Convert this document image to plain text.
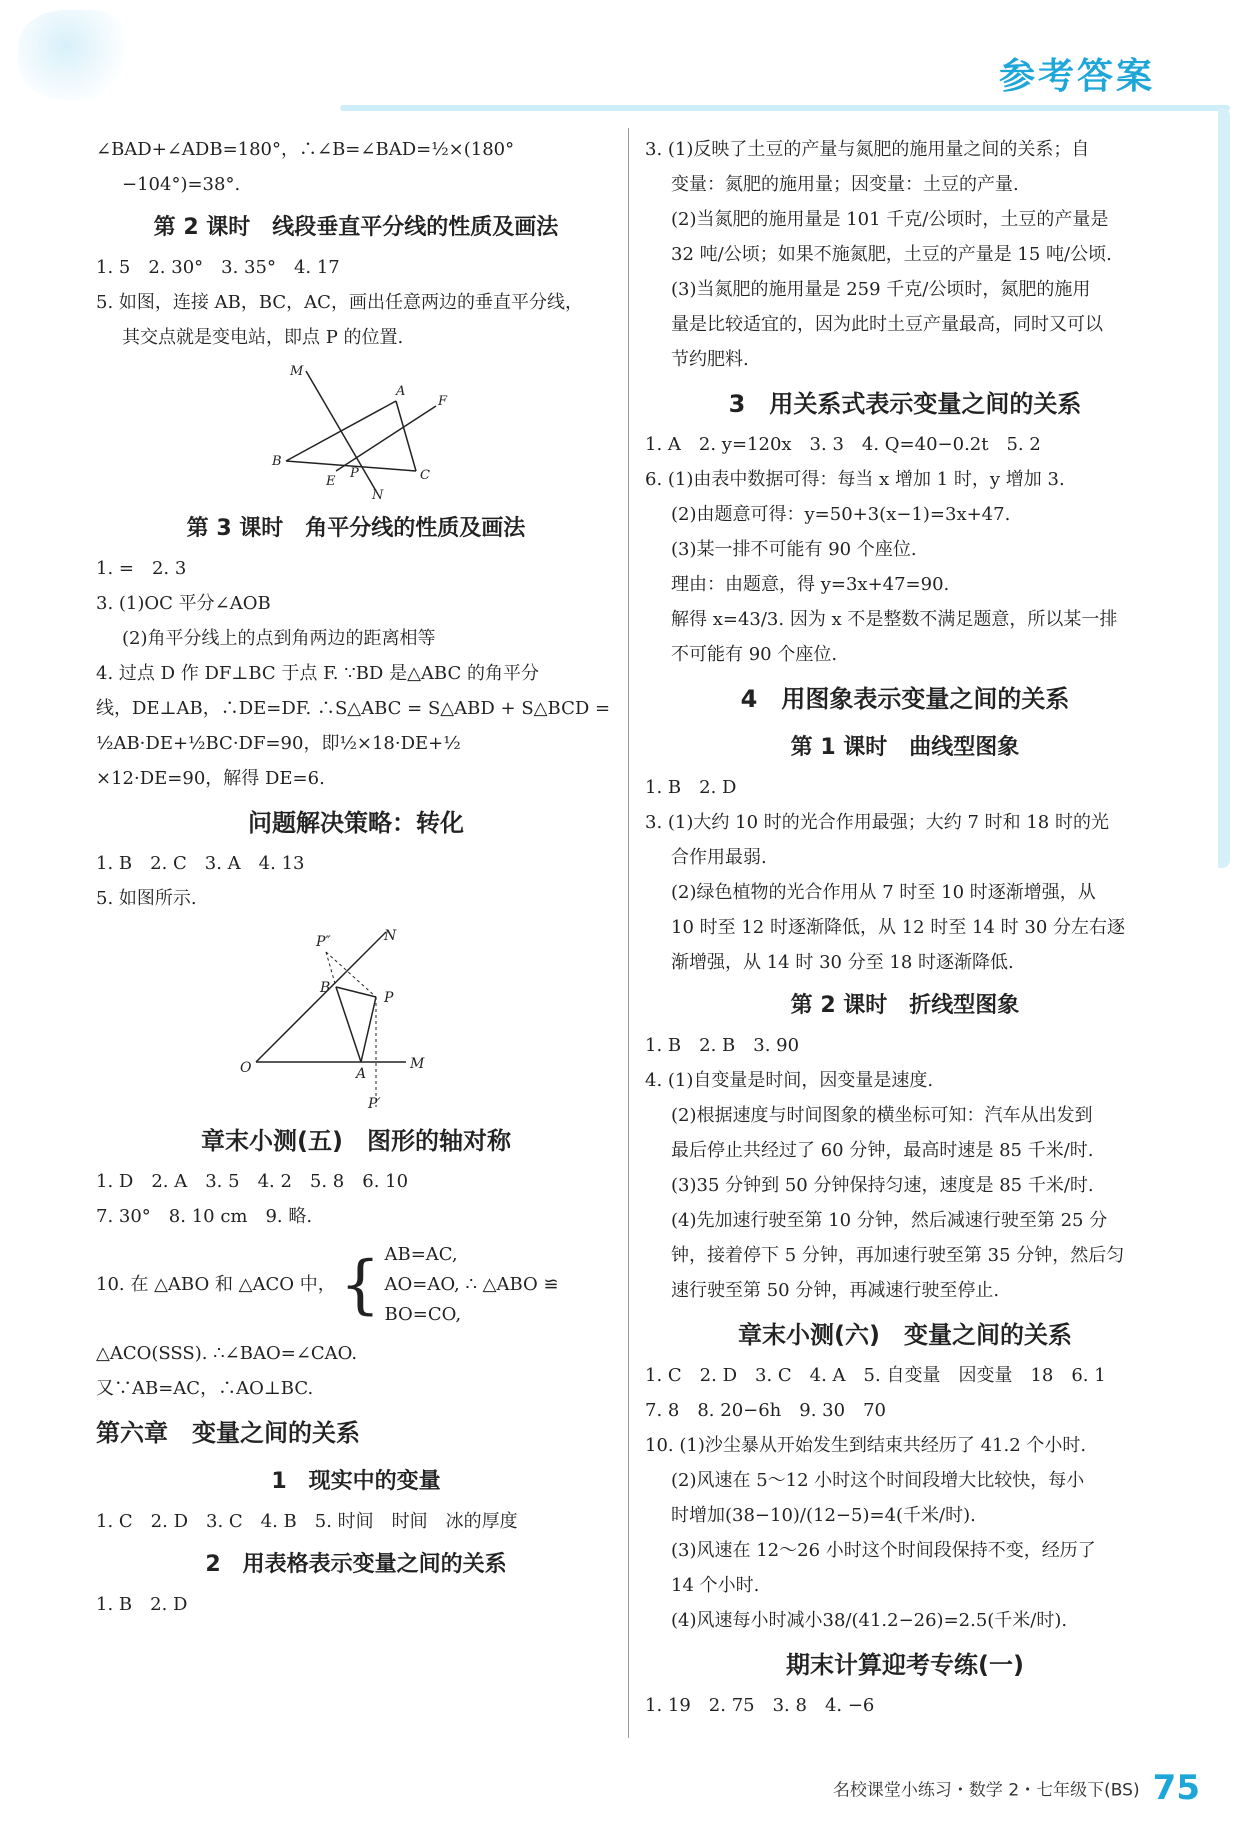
参考答案

∠BAD+∠ADB=180°，∴∠B=∠BAD=½×(180°

−104°)=38°.

第 2 课时　线段垂直平分线的性质及画法

1. 5　2. 30°　3. 35°　4. 17

5. 如图，连接 AB，BC，AC，画出任意两边的垂直平分线，

其交点就是变电站，即点 P 的位置.

M
A
F
B
E
P	C
N
第 3 课时　角平分线的性质及画法

1. =　2. 3

3. (1)OC 平分∠AOB

(2)角平分线上的点到角两边的距离相等

4. 过点 D 作 DF⊥BC 于点 F. ∵BD 是△ABC 的角平分

线，DE⊥AB，∴DE=DF. ∴S△ABC = S△ABD + S△BCD =

½AB·DE+½BC·DF=90，即½×18·DE+½

×12·DE=90，解得 DE=6.

问题解决策略：转化

1. B　2. C　3. A　4. 13

5. 如图所示.

P″	N
B
P
O	A
M
P′
章末小测(五)　图形的轴对称

1. D　2. A　3. 5　4. 2　5. 8　6. 10

7. 30°　8. 10 cm　9. 略.

10. 在 △ABO 和 △ACO 中， { AB=AC,
AO=AO, ∴ △ABO ≌
BO=CO,

△ACO(SSS). ∴∠BAO=∠CAO.

又∵AB=AC，∴AO⊥BC.

第六章　变量之间的关系
1　现实中的变量

1. C　2. D　3. C　4. B　5. 时间　时间　冰的厚度

2　用表格表示变量之间的关系

1. B　2. D

3. (1)反映了土豆的产量与氮肥的施用量之间的关系；自

变量：氮肥的施用量；因变量：土豆的产量.

(2)当氮肥的施用量是 101 千克/公顷时，土豆的产量是

32 吨/公顷；如果不施氮肥，土豆的产量是 15 吨/公顷.

(3)当氮肥的施用量是 259 千克/公顷时，氮肥的施用

量是比较适宜的，因为此时土豆产量最高，同时又可以

节约肥料.

3　用关系式表示变量之间的关系

1. A　2. y=120x　3. 3　4. Q=40−0.2t　5. 2

6. (1)由表中数据可得：每当 x 增加 1 时，y 增加 3.

(2)由题意可得：y=50+3(x−1)=3x+47.

(3)某一排不可能有 90 个座位.

理由：由题意，得 y=3x+47=90.

解得 x=43/3. 因为 x 不是整数不满足题意，所以某一排

不可能有 90 个座位.

4　用图象表示变量之间的关系
第 1 课时　曲线型图象

1. B　2. D

3. (1)大约 10 时的光合作用最强；大约 7 时和 18 时的光

合作用最弱.

(2)绿色植物的光合作用从 7 时至 10 时逐渐增强，从

10 时至 12 时逐渐降低，从 12 时至 14 时 30 分左右逐

渐增强，从 14 时 30 分至 18 时逐渐降低.

第 2 课时　折线型图象

1. B　2. B　3. 90

4. (1)自变量是时间，因变量是速度.

(2)根据速度与时间图象的横坐标可知：汽车从出发到

最后停止共经过了 60 分钟，最高时速是 85 千米/时.

(3)35 分钟到 50 分钟保持匀速，速度是 85 千米/时.

(4)先加速行驶至第 10 分钟，然后减速行驶至第 25 分

钟，接着停下 5 分钟，再加速行驶至第 35 分钟，然后匀

速行驶至第 50 分钟，再减速行驶至停止.

章末小测(六)　变量之间的关系

1. C　2. D　3. C　4. A　5. 自变量　因变量　18　6. 1

7. 8　8. 20−6h　9. 30　70

10. (1)沙尘暴从开始发生到结束共经历了 41.2 个小时.

(2)风速在 5～12 小时这个时间段增大比较快，每小

时增加(38−10)/(12−5)=4(千米/时).

(3)风速在 12～26 小时这个时间段保持不变，经历了

14 个小时.

(4)风速每小时减小38/(41.2−26)=2.5(千米/时).

期末计算迎考专练(一)

1. 19　2. 75　3. 8　4. −6

名校课堂小练习・数学 2・七年级下(BS) 75
